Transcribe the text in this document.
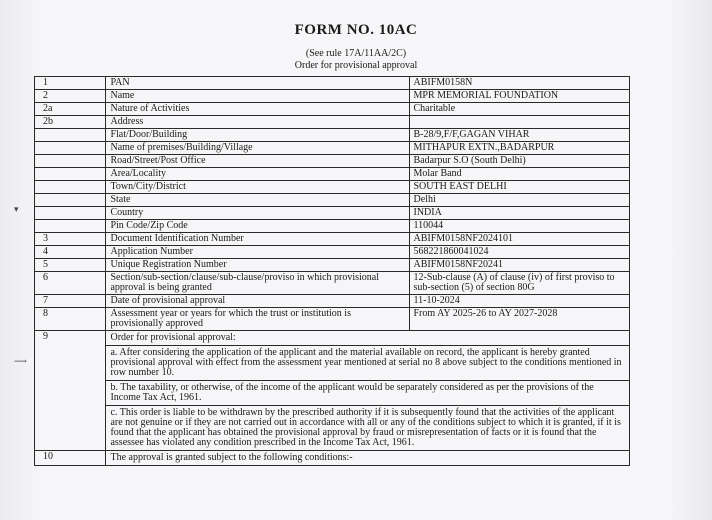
FORM NO. 10AC
(See rule 17A/11AA/2C)
Order for provisional approval
▾
⟶
1	PAN	ABIFM0158N
2	Name	MPR MEMORIAL FOUNDATION
2a	Nature of Activities	Charitable
2b	Address	
	Flat/Door/Building	B-28/9,F/F,GAGAN VIHAR
	Name of premises/Building/Village	MITHAPUR EXTN.,BADARPUR
	Road/Street/Post Office	Badarpur S.O (South Delhi)
	Area/Locality	Molar Band
	Town/City/District	SOUTH EAST DELHI
	State	Delhi
	Country	INDIA
	Pin Code/Zip Code	110044
3	Document Identification Number	ABIFM0158NF2024101
4	Application Number	568221860041024
5	Unique Registration Number	ABIFM0158NF20241
6	Section/sub-section/clause/sub-clause/proviso in which provisional approval is being granted	12-Sub-clause (A) of clause (iv) of first proviso to sub-section (5) of section 80G
7	Date of provisional approval	11-10-2024
8	Assessment year or years for which the trust or institution is provisionally approved	From AY 2025-26 to AY 2027-2028
9	Order for provisional approval:	
	a. After considering the application of the applicant and the material available on record, the applicant is hereby granted provisional approval with effect from the assessment year mentioned at serial no 8 above subject to the conditions mentioned in row number 10.	
	b. The taxability, or otherwise, of the income of the applicant would be separately considered as per the provisions of the Income Tax Act, 1961.	
	c. This order is liable to be withdrawn by the prescribed authority if it is subsequently found that the activities of the applicant are not genuine or if they are not carried out in accordance with all or any of the conditions subject to which it is granted, if it is found that the applicant has obtained the provisional approval by fraud or misrepresentation of facts or it is found that the assessee has violated any condition prescribed in the Income Tax Act, 1961.	
10	The approval is granted subject to the following conditions:-	
